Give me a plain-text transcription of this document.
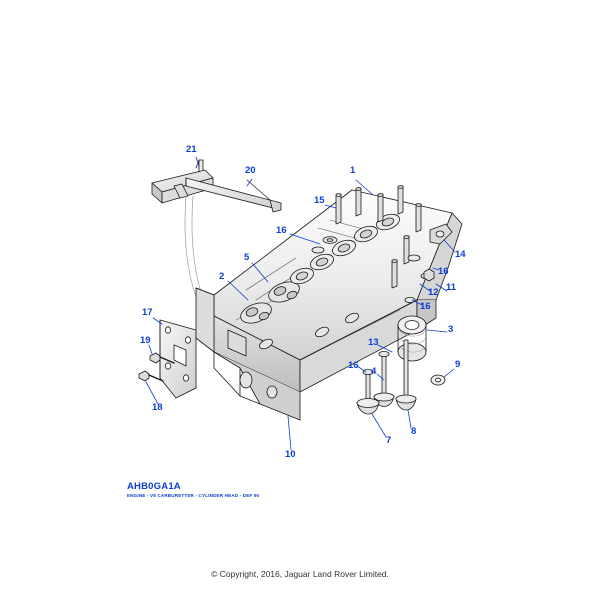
21
20	1
15
16
14
16
5
2
12 11
16
3
13
17
19
18
16
4
9
8
7
10
AHB0GA1A
ENGINE - V8 CARBURETTER - CYLINDER HEAD - DEF 90
© Copyright, 2016, Jaguar Land Rover Limited.
